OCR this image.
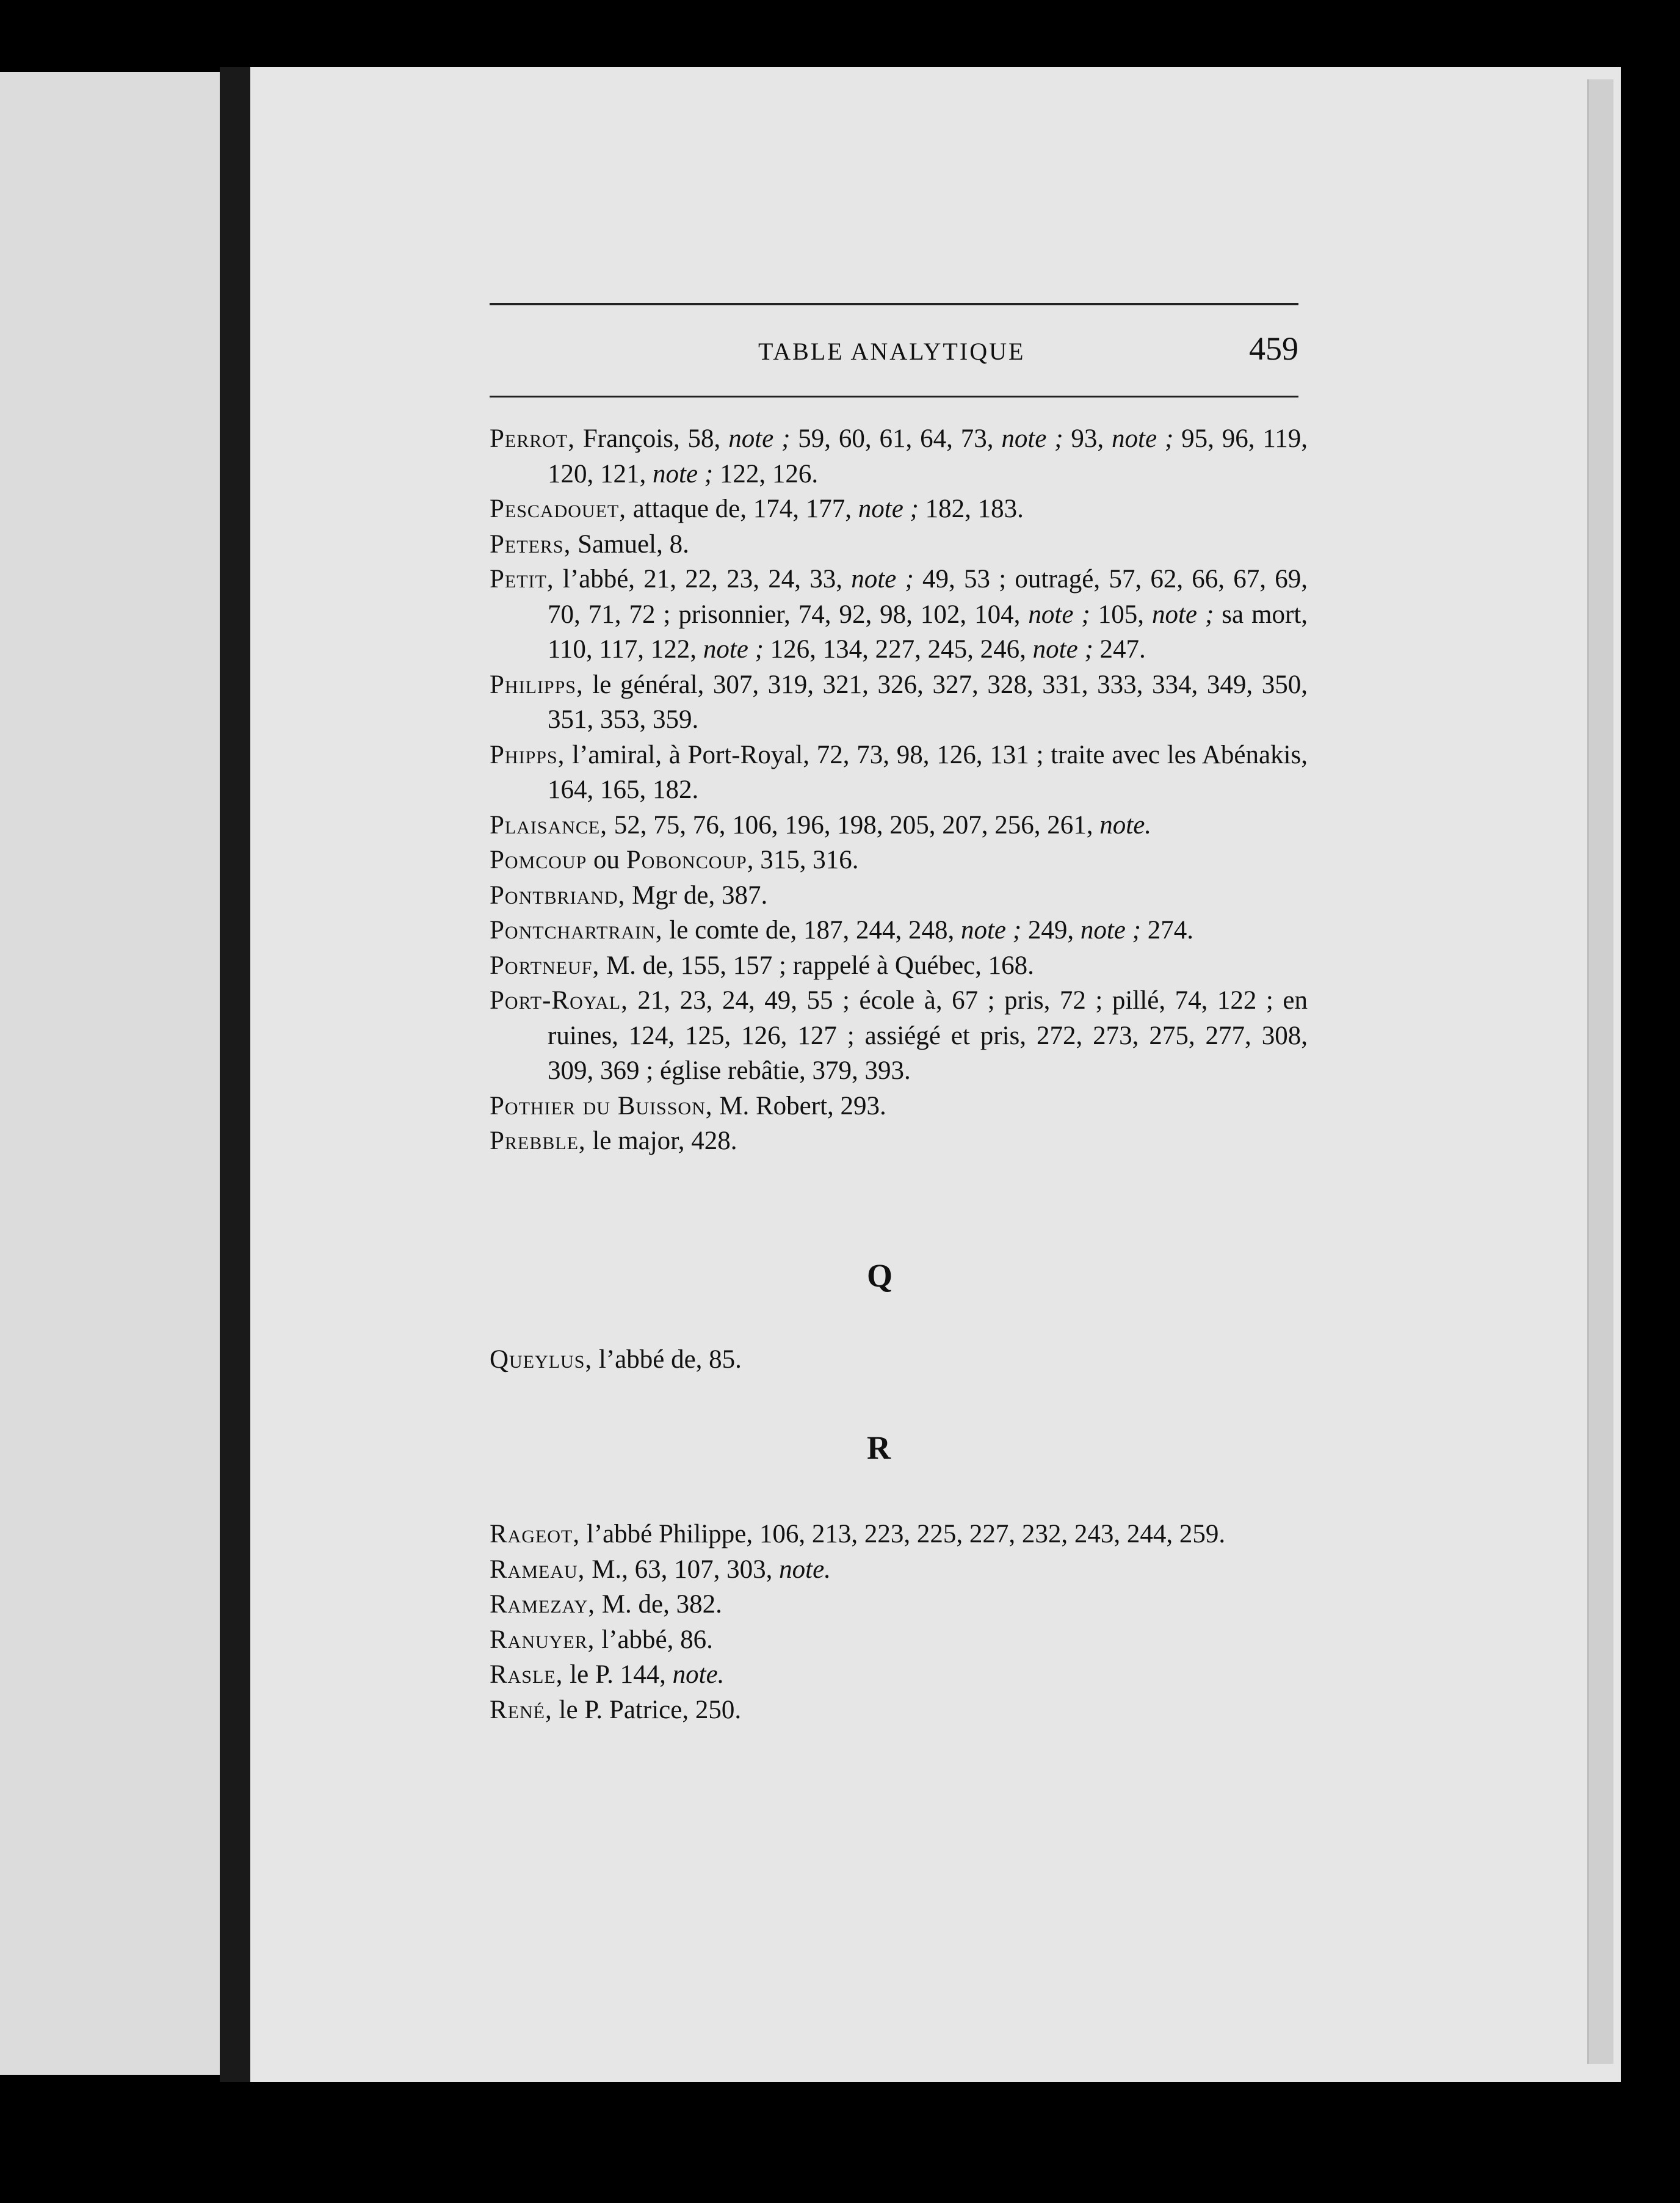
TABLE ANALYTIQUE	459
Perrot, François, 58, note ; 59, 60, 61, 64, 73, note ; 93, note ; 95, 96, 119, 120, 121, note ; 122, 126.
Pescadouet, attaque de, 174, 177, note ; 182, 183.
Peters, Samuel, 8.
Petit, l’abbé, 21, 22, 23, 24, 33, note ; 49, 53 ; outragé, 57, 62, 66, 67, 69, 70, 71, 72 ; prisonnier, 74, 92, 98, 102, 104, note ; 105, note ; sa mort, 110, 117, 122, note ; 126, 134, 227, 245, 246, note ; 247.
Philipps, le général, 307, 319, 321, 326, 327, 328, 331, 333, 334, 349, 350, 351, 353, 359.
Phipps, l’amiral, à Port-Royal, 72, 73, 98, 126, 131 ; traite avec les Abénakis, 164, 165, 182.
Plaisance, 52, 75, 76, 106, 196, 198, 205, 207, 256, 261, note.
Pomcoup ou Poboncoup, 315, 316.
Pontbriand, Mgr de, 387.
Pontchartrain, le comte de, 187, 244, 248, note ; 249, note ; 274.
Portneuf, M. de, 155, 157 ; rappelé à Québec, 168.
Port-Royal, 21, 23, 24, 49, 55 ; école à, 67 ; pris, 72 ; pillé, 74, 122 ; en ruines, 124, 125, 126, 127 ; assiégé et pris, 272, 273, 275, 277, 308, 309, 369 ; église rebâtie, 379, 393.
Pothier du Buisson, M. Robert, 293.
Prebble, le major, 428.
Q
Queylus, l’abbé de, 85.
R
Rageot, l’abbé Philippe, 106, 213, 223, 225, 227, 232, 243, 244, 259.
Rameau, M., 63, 107, 303, note.
Ramezay, M. de, 382.
Ranuyer, l’abbé, 86.
Rasle, le P. 144, note.
René, le P. Patrice, 250.
